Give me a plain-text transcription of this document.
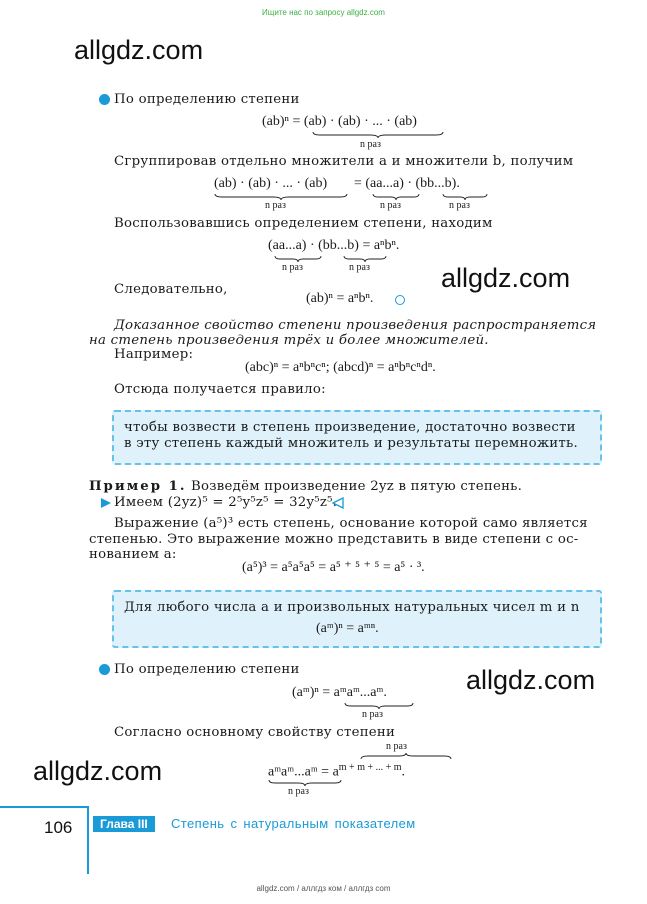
Ищите нас по запросу allgdz.com
allgdz.com
allgdz.com
allgdz.com
allgdz.com
По определению степени
(ab)ⁿ = (ab) · (ab) · ... · (ab)
n раз
Сгруппировав отдельно множители a и множители b, получим
(ab) · (ab) · ... · (ab)
n раз
= (aa...a) · (bb...b).
n раз	n раз
Воспользовавшись определением степени, находим
(aa...a) · (bb...b) = aⁿbⁿ.
n раз	n раз
Следовательно,
(ab)ⁿ = aⁿbⁿ.
Доказанное свойство степени произведения распространяется
на степень произведения трёх и более множителей.
Например:
(abc)ⁿ = aⁿbⁿcⁿ; (abcd)ⁿ = aⁿbⁿcⁿdⁿ.
Отсюда получается правило:
чтобы возвести в степень произведение, достаточно возвести
в эту степень каждый множитель и результаты перемножить.
Пример 1. Возведём произведение 2yz в пятую степень.
Имеем (2yz)⁵ = 2⁵y⁵z⁵ = 32y⁵z⁵.
Выражение (a⁵)³ есть степень, основание которой само является
степенью. Это выражение можно представить в виде степени с ос-
нованием a:
(a⁵)³ = a⁵a⁵a⁵ = a⁵ ⁺ ⁵ ⁺ ⁵ = a⁵ · ³.
Для любого числа a и произвольных натуральных чисел m и n
(aᵐ)ⁿ = aᵐⁿ.
По определению степени
(aᵐ)ⁿ = aᵐaᵐ...aᵐ.
n раз
Согласно основному свойству степени
n раз
aᵐaᵐ...aᵐ = $a^{m + m + ... + m}$.
n раз
106	Глава III	Степень с натуральным показателем
allgdz.com / аллгдз ком / аллгдз com
